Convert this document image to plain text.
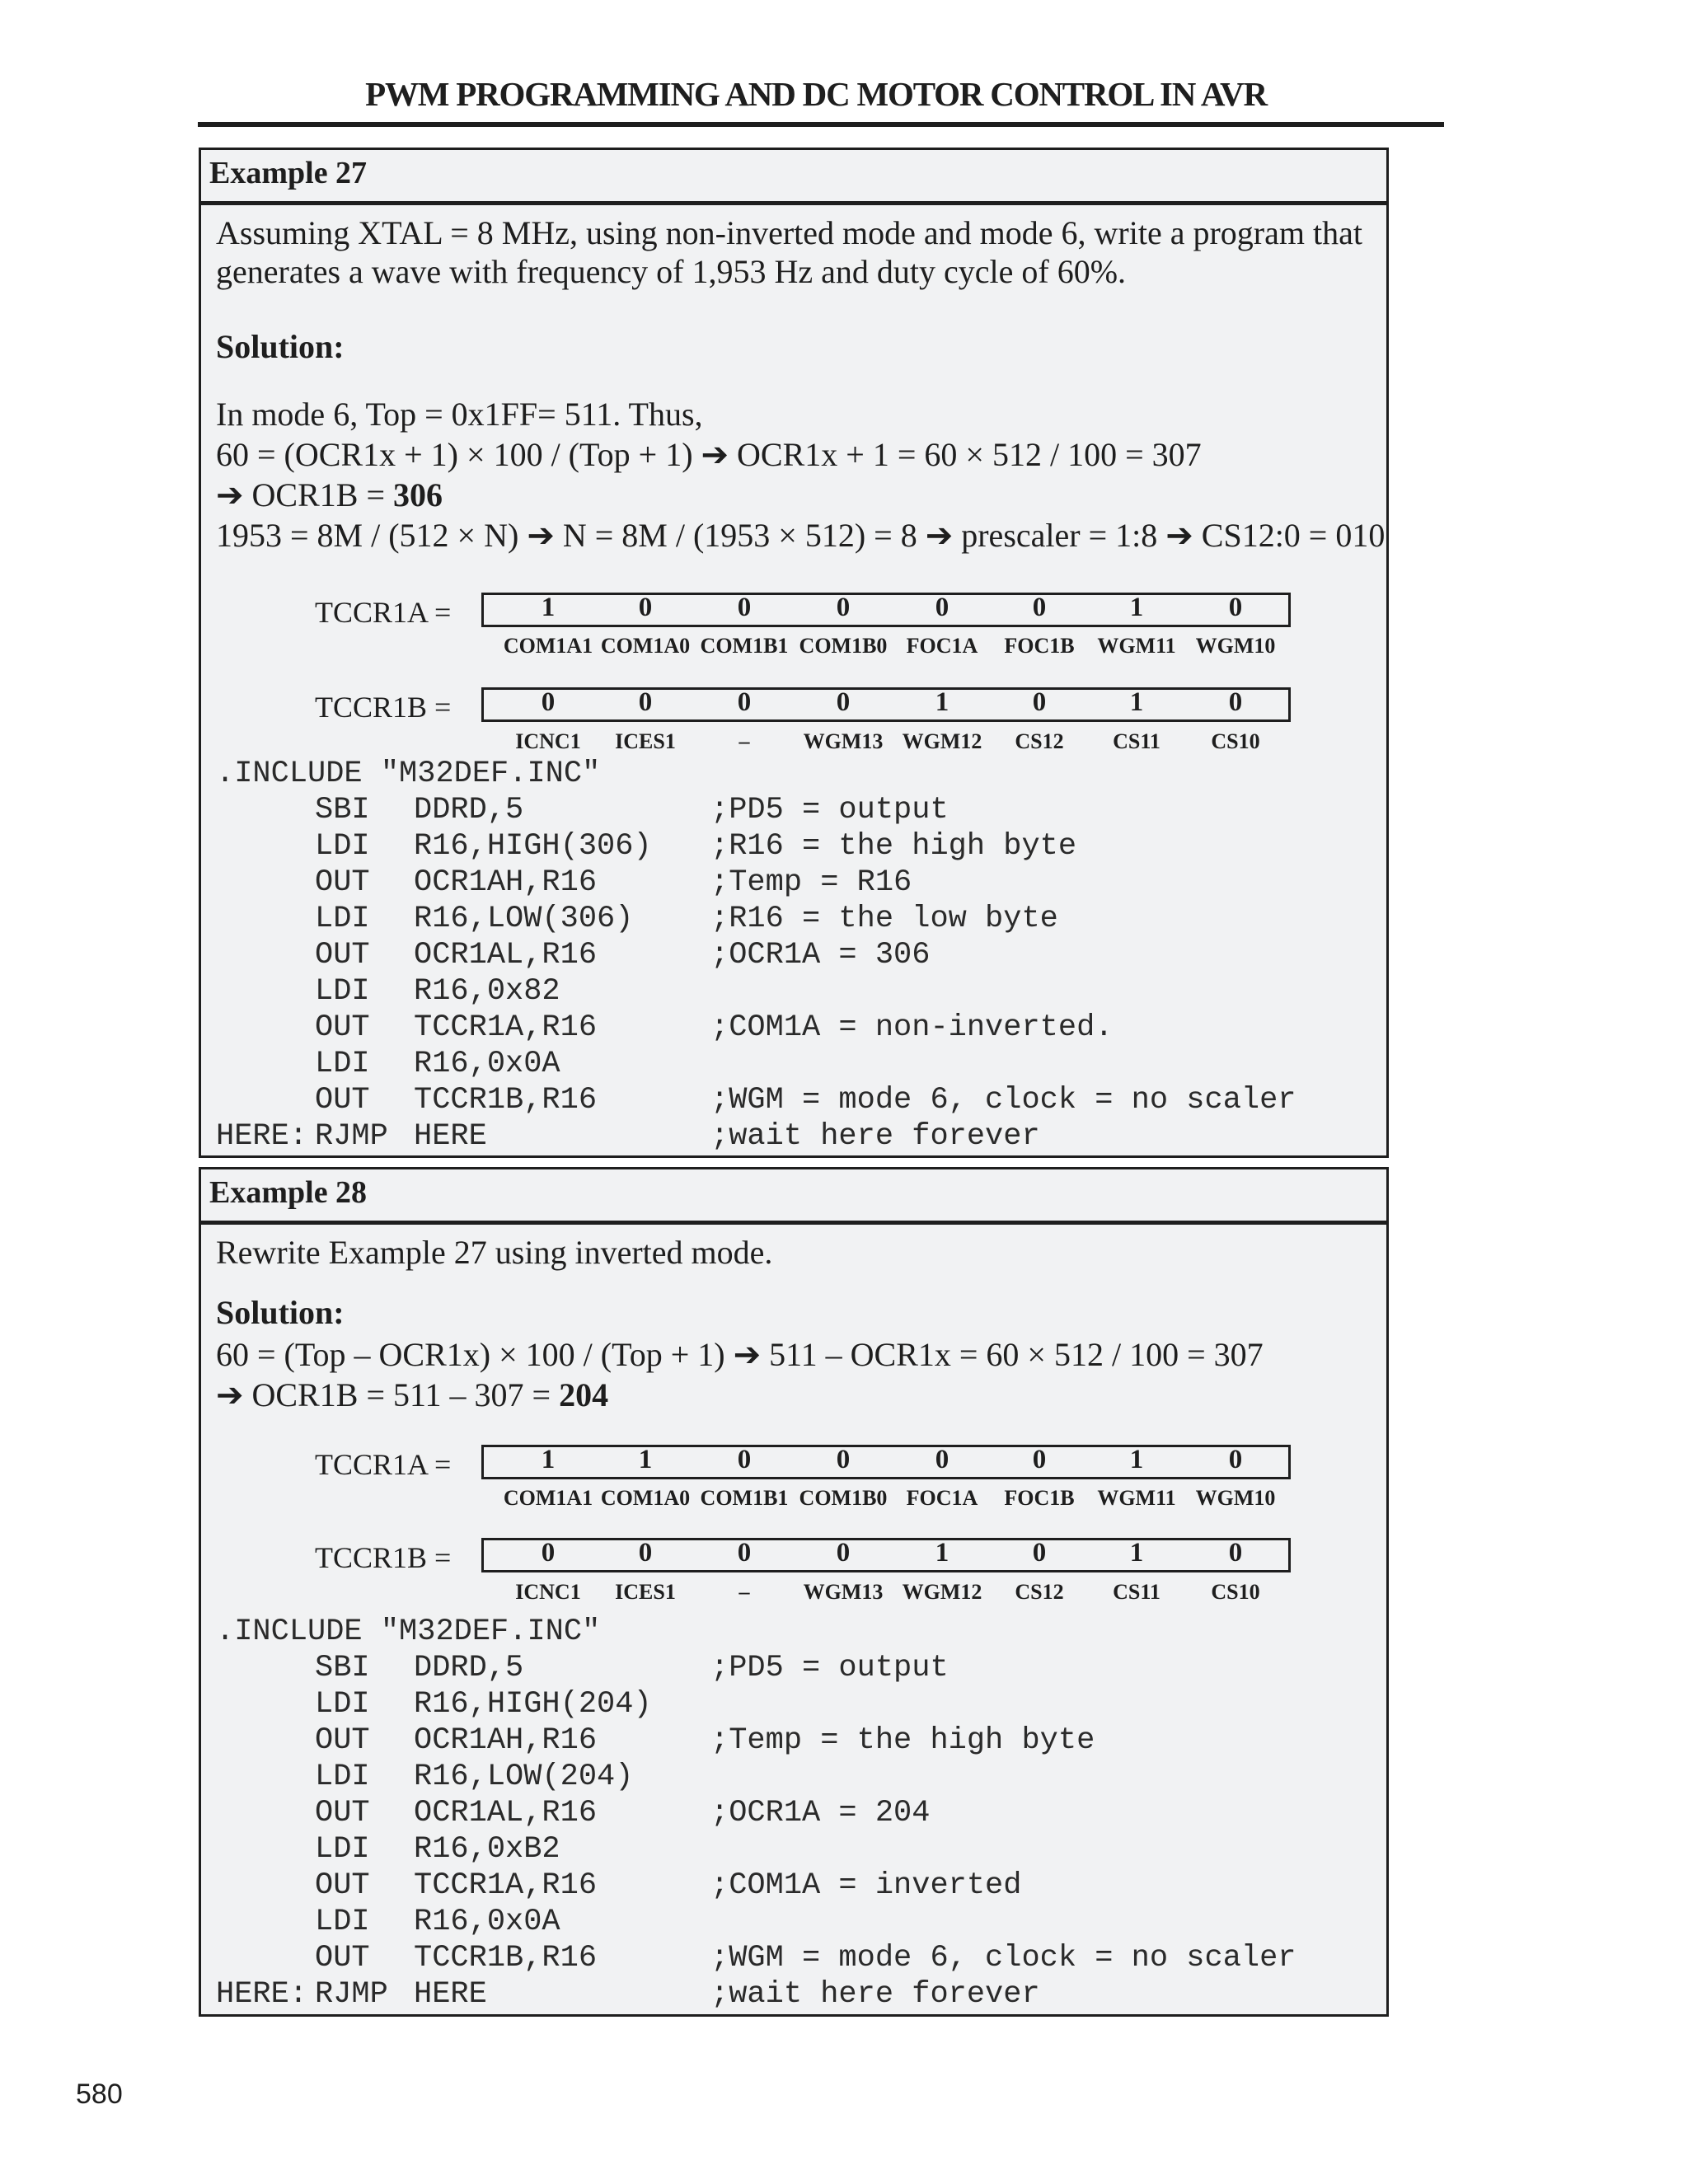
PWM PROGRAMMING AND DC MOTOR CONTROL IN AVR
Example 27
Assuming XTAL = 8 MHz, using non-inverted mode and mode 6, write a program that
generates a wave with frequency of 1,953 Hz and duty cycle of 60%.
Solution:
In mode 6, Top = 0x1FF= 511. Thus,
60 = (OCR1x + 1) × 100 / (Top + 1) ➔ OCR1x + 1 = 60 × 512 / 100 = 307
➔ OCR1B = 306
1953 = 8M / (512 × N) ➔ N = 8M / (1953 × 512) = 8 ➔ prescaler = 1:8 ➔ CS12:0 = 010
TCCR1A =	1	0	0	0	0	0	1	0
COM1A1 COM1A0 COM1B1 COM1B0 FOC1A	FOC1B	WGM11 WGM10
TCCR1B =	0	0	0	0	1	0	1	0
ICNC1	ICES1	–	WGM13 WGM12	CS12	CS11	CS10
.INCLUDE "M32DEF.INC"
SBI DDRD,5	;PD5 = output
LDI R16,HIGH(306) ;R16 = the high byte
OUT OCR1AH,R16	;Temp = R16
LDI R16,LOW(306)	;R16 = the low byte
OUT OCR1AL,R16	;OCR1A = 306
LDI R16,0x82
OUT TCCR1A,R16	;COM1A = non-inverted.
LDI R16,0x0A
OUT TCCR1B,R16	;WGM = mode 6, clock = no scaler
HERE: RJMP HERE	;wait here forever
Example 28
Rewrite Example 27 using inverted mode.
Solution:
60 = (Top – OCR1x) × 100 / (Top + 1) ➔ 511 – OCR1x = 60 × 512 / 100 = 307
➔ OCR1B = 511 – 307 = 204
TCCR1A =	1	1	0	0	0	0	1	0
COM1A1 COM1A0 COM1B1 COM1B0 FOC1A	FOC1B	WGM11 WGM10
TCCR1B =	0	0	0	0	1	0	1	0
ICNC1	ICES1	–	WGM13 WGM12	CS12	CS11	CS10
.INCLUDE "M32DEF.INC"
SBI DDRD,5	;PD5 = output
LDI R16,HIGH(204)
OUT OCR1AH,R16	;Temp = the high byte
LDI R16,LOW(204)
OUT OCR1AL,R16	;OCR1A = 204
LDI R16,0xB2
OUT TCCR1A,R16	;COM1A = inverted
LDI R16,0x0A
OUT TCCR1B,R16	;WGM = mode 6, clock = no scaler
HERE: RJMP HERE	;wait here forever
580
